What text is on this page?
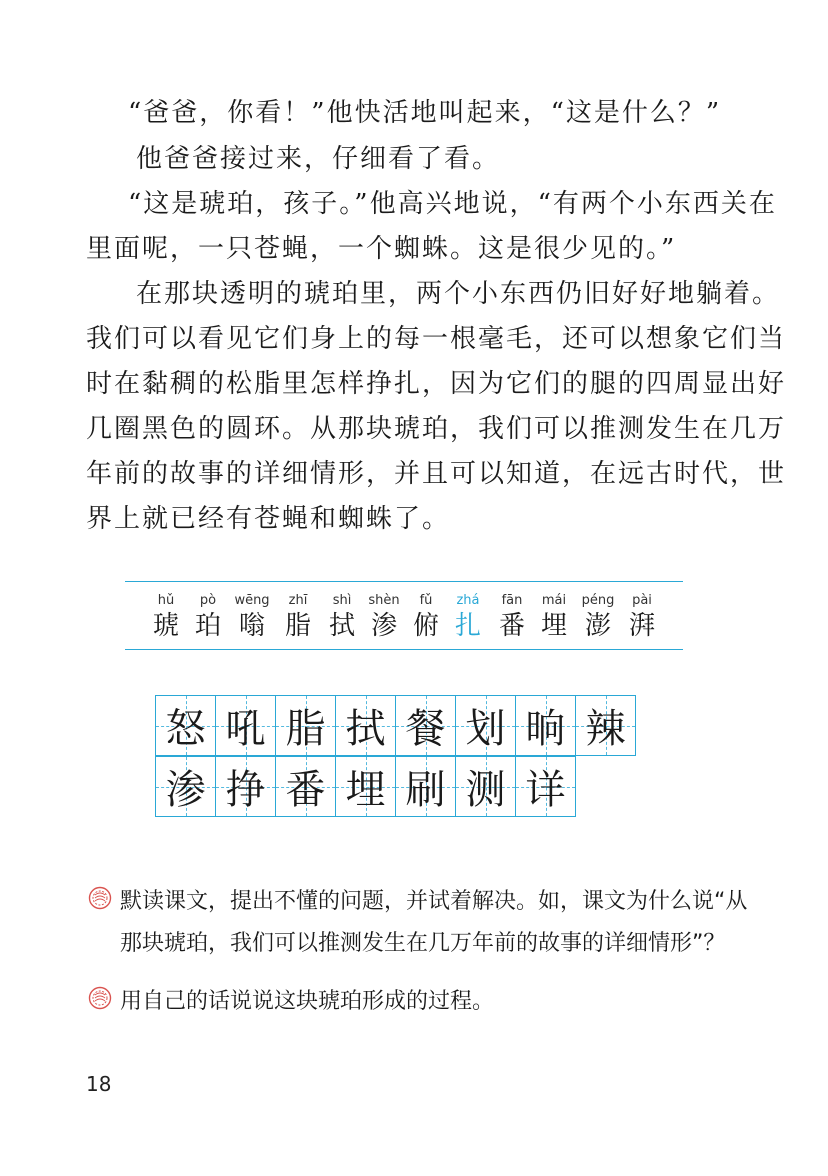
“爸爸，你看！”他快活地叫起来，“这是什么？”
他爸爸接过来，仔细看了看。
“这是琥珀，孩子。”他高兴地说，“有两个小东西关在
里面呢，一只苍蝇，一个蜘蛛。这是很少见的。”
在那块透明的琥珀里，两个小东西仍旧好好地躺着。
我们可以看见它们身上的每一根毫毛，还可以想象它们当
时在黏稠的松脂里怎样挣扎，因为它们的腿的四周显出好
几圈黑色的圆环。从那块琥珀，我们可以推测发生在几万
年前的故事的详细情形，并且可以知道，在远古时代，世
界上就已经有苍蝇和蜘蛛了。
hǔ
琥
pò
珀
wēng
嗡
zhī
脂
shì
拭
shèn
渗
fǔ
俯
zhá
扎
fān
番
mái
埋
péng
澎
pài
湃
怒 吼 脂 拭 餐 划 晌 辣
渗 挣 番 埋 刷 测 详
默读课文，提出不懂的问题，并试着解决。如，课文为什么说“从
那块琥珀，我们可以推测发生在几万年前的故事的详细情形”？
用自己的话说说这块琥珀形成的过程。
18
